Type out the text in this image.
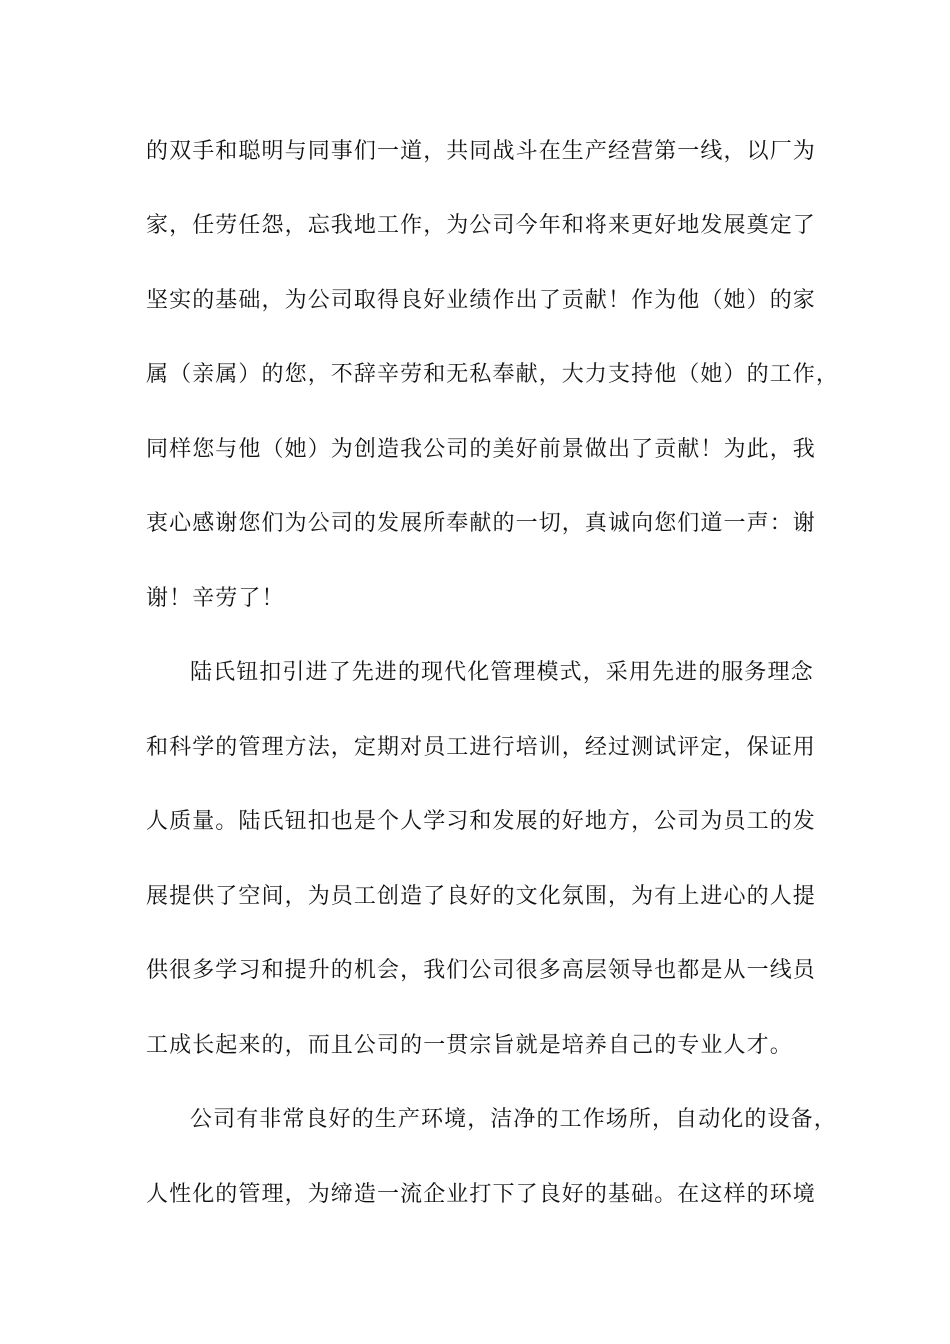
的双手和聪明与同事们一道，共同战斗在生产经营第一线，以厂为
家，任劳任怨，忘我地工作，为公司今年和将来更好地发展奠定了
坚实的基础，为公司取得良好业绩作出了贡献！作为他（她）的家
属（亲属）的您，不辞辛劳和无私奉献，大力支持他（她）的工作，
同样您与他（她）为创造我公司的美好前景做出了贡献！为此，我
衷心感谢您们为公司的发展所奉献的一切，真诚向您们道一声：谢
谢！辛劳了！
陆氏钮扣引进了先进的现代化管理模式，采用先进的服务理念
和科学的管理方法，定期对员工进行培训，经过测试评定，保证用
人质量。陆氏钮扣也是个人学习和发展的好地方，公司为员工的发
展提供了空间，为员工创造了良好的文化氛围，为有上进心的人提
供很多学习和提升的机会，我们公司很多高层领导也都是从一线员
工成长起来的，而且公司的一贯宗旨就是培养自己的专业人才。
公司有非常良好的生产环境，洁净的工作场所，自动化的设备，
人性化的管理，为缔造一流企业打下了良好的基础。在这样的环境
